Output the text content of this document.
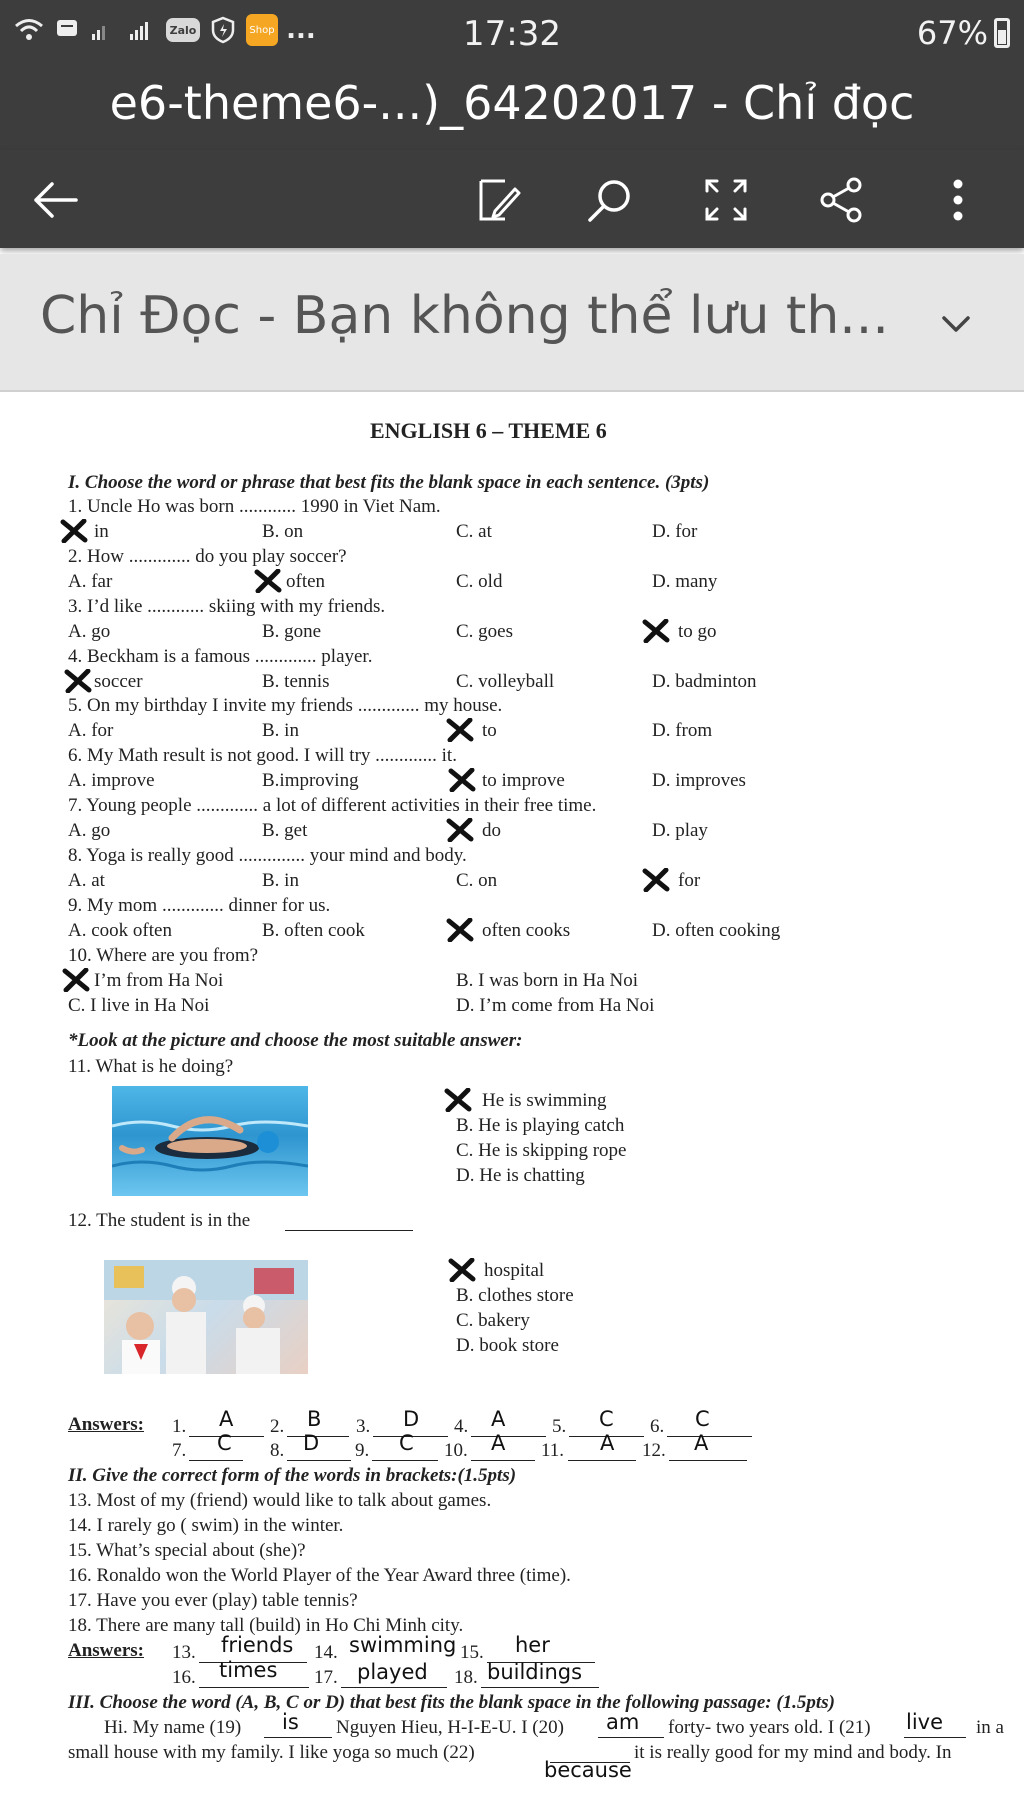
Zalo	Shop ...	17:32	67%
e6-theme6-...)_64202017 - Chỉ đọc
Chỉ Đọc - Bạn không thể lưu th...
ENGLISH 6 – THEME 6
I. Choose the word or phrase that best fits the blank space in each sentence. (3pts)
1. Uncle Ho was born ............ 1990 in Viet Nam.
in	B. on	C. at	D. for
2. How ............. do you play soccer?
A. far	often	C. old	D. many
3. I’d like ............ skiing with my friends.
A. go	B. gone	C. goes	to go
4. Beckham is a famous ............. player.
soccer	B. tennis	C. volleyball	D. badminton
5. On my birthday I invite my friends ............. my house.
A. for	B. in	to	D. from
6. My Math result is not good. I will try ............. it.
A. improve	B.improving	to improve	D. improves
7. Young people ............. a lot of different activities in their free time.
A. go	B. get	do	D. play
8. Yoga is really good .............. your mind and body.
A. at	B. in	C. on	for
9. My mom ............. dinner for us.
A. cook often	B. often cook	often cooks	D. often cooking
10. Where are you from?
I’m from Ha Noi	B. I was born in Ha Noi
C. I live in Ha Noi	D. I’m come from Ha Noi
*Look at the picture and choose the most suitable answer:
11. What is he doing?
He is swimming
B. He is playing catch
C. He is skipping rope
D. He is chatting
12. The student is in the
hospital
B. clothes store
C. bakery
D. book store
Answers: 1. A 2. B 3. D 4. A 5. C 6. C
7. C 8. D 9. C 10. A 11. A 12. A
II. Give the correct form of the words in brackets:(1.5pts)
13. Most of my (friend) would like to talk about games.
14. I rarely go ( swim) in the winter.
15. What’s special about (she)?
16. Ronaldo won the World Player of the Year Award three (time).
17. Have you ever (play) table tennis?
18. There are many tall (build) in Ho Chi Minh city.
Answers: 13. friends 14. swimming 15. her
16. times 17. played 18. buildings
III. Choose the word (A, B, C or D) that best fits the blank space in the following passage: (1.5pts)
Hi. My name (19) is Nguyen Hieu, H-I-E-U. I (20) am forty- two years old. I (21) live in a
small house with my family. I like yoga so much (22)
because
it is really good for my mind and body. In
